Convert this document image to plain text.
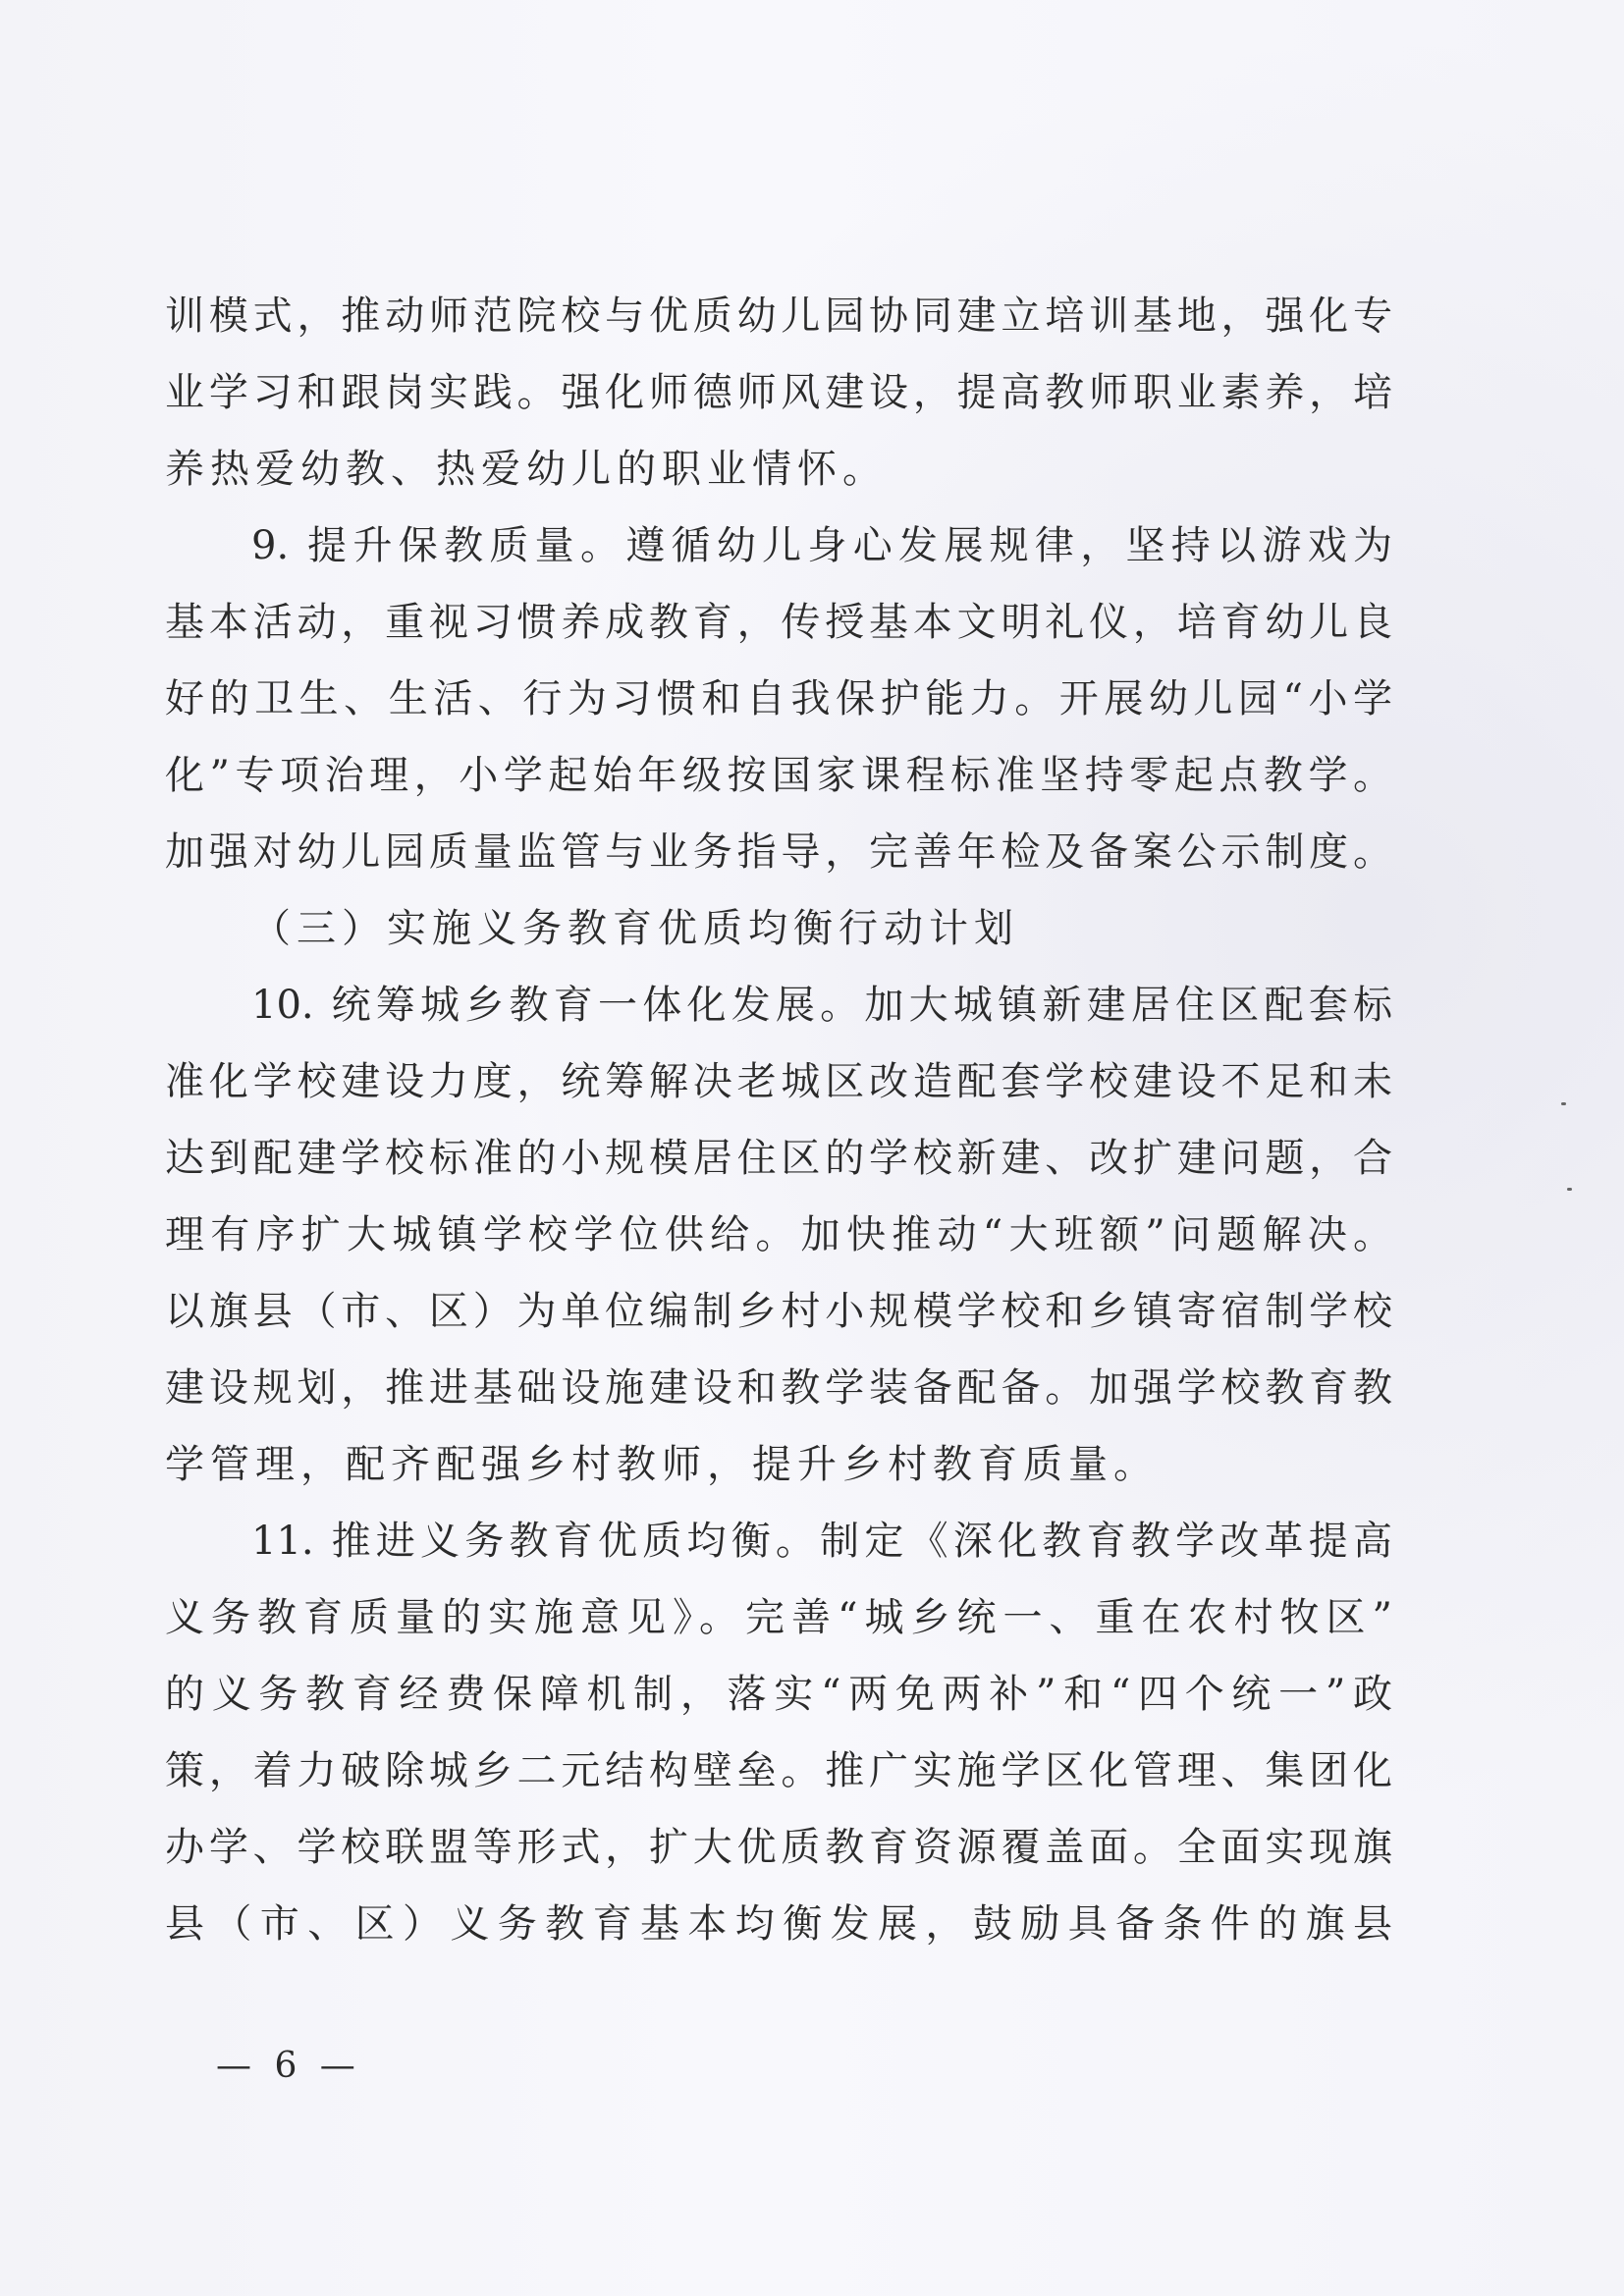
训模式，推动师范院校与优质幼儿园协同建立培训基地，强化专
业学习和跟岗实践。强化师德师风建设，提高教师职业素养，培
养热爱幼教、热爱幼儿的职业情怀。
9. 提升保教质量。遵循幼儿身心发展规律，坚持以游戏为
基本活动，重视习惯养成教育，传授基本文明礼仪，培育幼儿良
好的卫生、生活、行为习惯和自我保护能力。开展幼儿园“小学
化”专项治理，小学起始年级按国家课程标准坚持零起点教学。
加强对幼儿园质量监管与业务指导，完善年检及备案公示制度。
（三）实施义务教育优质均衡行动计划
10. 统筹城乡教育一体化发展。加大城镇新建居住区配套标
准化学校建设力度，统筹解决老城区改造配套学校建设不足和未
达到配建学校标准的小规模居住区的学校新建、改扩建问题，合
理有序扩大城镇学校学位供给。加快推动“大班额”问题解决。
以旗县（市、区）为单位编制乡村小规模学校和乡镇寄宿制学校
建设规划，推进基础设施建设和教学装备配备。加强学校教育教
学管理，配齐配强乡村教师，提升乡村教育质量。
11. 推进义务教育优质均衡。制定《深化教育教学改革提高
义务教育质量的实施意见》。完善“城乡统一、重在农村牧区”
的义务教育经费保障机制，落实“两免两补”和“四个统一”政
策，着力破除城乡二元结构壁垒。推广实施学区化管理、集团化
办学、学校联盟等形式，扩大优质教育资源覆盖面。全面实现旗
县（市、区）义务教育基本均衡发展，鼓励具备条件的旗县
— 6 —
